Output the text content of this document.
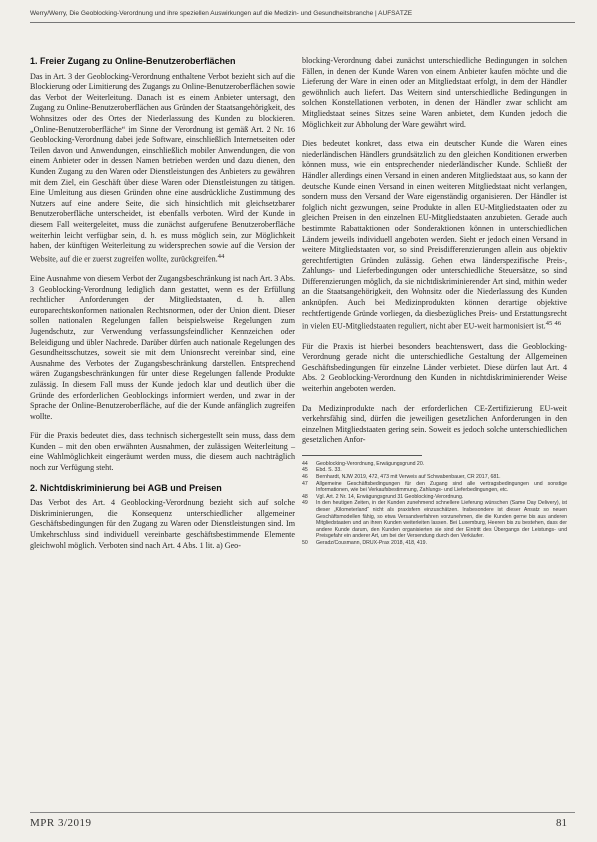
Werry/Werry, Die Geoblocking-Verordnung und ihre speziellen Auswirkungen auf die Medizin- und Gesundheitsbranche | AUFSÄTZE
1. Freier Zugang zu Online-Benutzeroberflächen

Das in Art. 3 der Geoblocking-Verordnung enthaltene Verbot bezieht sich auf die Blockierung oder Limitierung des Zugangs zu Online-Benutzeroberflächen sowie das Verbot der Weiterleitung. Danach ist es einem Anbieter untersagt, den Zugang zu Online-Benutzeroberflächen aus Gründen der Staatsangehörigkeit, des Wohnsitzes oder des Ortes der Niederlassung des Kunden zu blockieren. „Online-Benutzeroberfläche“ im Sinne der Verordnung ist gemäß Art. 2 Nr. 16 Geoblocking-Verordnung dabei jede Software, einschließlich Internetseiten oder Teilen davon und Anwendungen, einschließlich mobiler Anwendungen, die von einem Anbieter oder in dessen Namen betrieben werden und dazu dienen, den Kunden Zugang zu den Waren oder Dienstleistungen des Anbieters zu gewähren mit dem Ziel, ein Geschäft über diese Waren oder Dienstleistungen zu tätigen. Eine Umleitung aus diesen Gründen ohne eine ausdrückliche Zustimmung des Nutzers auf eine andere Seite, die sich hinsichtlich mit gleichsetzbarer Benutzeroberfläche unterscheidet, ist ebenfalls verboten. Wird der Kunde in diesem Fall weitergeleitet, muss die zunächst aufgerufene Benutzeroberfläche weiterhin leicht verfügbar sein, d. h. es muss möglich sein, zur Möglichkeit haben, der künftigen Weiterleitung zu widersprechen sowie auf die Version der Website, auf die er zuerst zugreifen wollte, zurückgreifen.$^{44}$

Eine Ausnahme von diesem Verbot der Zugangsbeschränkung ist nach Art. 3 Abs. 3 Geoblocking-Verordnung lediglich dann gestattet, wenn es der Erfüllung rechtlicher Anforderungen der Mitgliedstaaten, d. h. allen europarechtskonformen nationalen Rechtsnormen, oder der Union dient. Dieser sollen nationalen Regelungen fallen beispielsweise Regelungen zum Jugendschutz, zur Verwendung verfassungsfeindlicher Kennzeichen oder Beleidigung und übler Nachrede. Darüber dürfen auch nationale Regelungen des Gesundheitsschutzes, soweit sie mit dem Unionsrecht vereinbar sind, eine Ausnahme des Verbotes der Zugangsbeschränkung darstellen. Entsprechend wären Zugangsbeschränkungen für unter diese Regelungen fallende Produkte zulässig. In diesem Fall muss der Kunde jedoch klar und deutlich über die Gründe des erforderlichen Geoblockings informiert werden, und zwar in der Sprache der Online-Benutzeroberfläche, auf die der Kunde anfänglich zugreifen wollte.

Für die Praxis bedeutet dies, dass technisch sichergestellt sein muss, dass dem Kunden – mit den oben erwähnten Ausnahmen, der zulässigen Weiterleitung – eine Wahlmöglichkeit eingeräumt werden muss, die diesem auch nachträglich noch zur Verfügung steht.

2. Nichtdiskriminierung bei AGB und Preisen

Das Verbot des Art. 4 Geoblocking-Verordnung bezieht sich auf solche Diskriminierungen, die Konsequenz unterschiedlicher allgemeiner Geschäftsbedingungen für den Zugang zu Waren oder Dienstleistungen sind. Im Umkehrschluss sind individuell vereinbarte geschäftsbestimmende Elemente gleichwohl möglich. Verboten sind nach Art. 4 Abs. 1 lit. a) Geo-

blocking-Verordnung dabei zunächst unterschiedliche Bedingungen in solchen Fällen, in denen der Kunde Waren von einem Anbieter kaufen möchte und die Lieferung der Ware in einen oder an Mitgliedstaat erfolgt, in dem der Händler gewöhnlich auch liefert. Das Weitern sind unterschiedliche Bedingungen in solchen Konstellationen verboten, in denen der Händler zwar schlicht am Mitgliedstaat seines Sitzes seine Waren anbietet, dem Kunden jedoch die Möglichkeit zur Abholung der Ware gewährt wird.

Dies bedeutet konkret, dass etwa ein deutscher Kunde die Waren eines niederländischen Händlers grundsätzlich zu den gleichen Konditionen erwerben können muss, wie ein entsprechender niederländischer Kunde. Schließt der Händler allerdings einen Versand in einen anderen Mitgliedstaat aus, so kann der deutsche Kunde einen Versand in einen weiteren Mitgliedstaat nicht verlangen, sondern muss den Versand der Ware eigenständig organisieren. Der Händler ist folglich nicht gezwungen, seine Produkte in allen EU-Mitgliedstaaten oder zu gleichen Preisen in den einzelnen EU-Mitgliedstaaten anzubieten. Gerade auch bestimmte Rabattaktionen oder Sonderaktionen können in unterschiedlichen Ländern jeweils individuell angeboten werden. Sieht er jedoch einen Versand in weitere Mitgliedstaaten vor, so sind Preisdifferenzierungen allein aus objektiv gerechtfertigten Gründen zulässig. Gehen etwa länderspezifische Preis-, Zahlungs- und Lieferbedingungen oder unterschiedliche Steuersätze, so sind Differenzierungen möglich, da sie nichtdiskriminierender Art sind, mithin weder an die Staatsangehörigkeit, den Wohnsitz oder die Niederlassung des Kunden anknüpfen. Auch bei Medizinprodukten können derartige objektive rechtfertigende Gründe vorliegen, da diesbezügliches Preis- und Erstattungsrecht in vielen EU-Mitgliedstaaten reguliert, nicht aber EU-weit harmonisiert ist.$^{45}$ $^{46}$

Für die Praxis ist hierbei besonders beachtenswert, dass die Geoblocking-Verordnung gerade nicht die unterschiedliche Gestaltung der Allgemeinen Geschäftsbedingungen für einzelne Länder verbietet. Diese dürfen laut Art. 4 Abs. 2 Geoblocking-Verordnung den Kunden in nichtdiskriminierender Weise weiterhin angeboten werden.

Da Medizinprodukte nach der erforderlichen CE-Zertifizierung EU-weit verkehrsfähig sind, dürfen die jeweiligen gesetzlichen Anforderungen in den einzelnen Mitgliedstaaten gering sein. Soweit es jedoch solche unterschiedlichen gesetzlichen Anfor-

44	Geoblocking-Verordnung, Erwägungsgrund 20.
45	Ebd. S. 33.
46	Bernhardt, NJW 2019, 472, 473 mit Verweis auf Schwabenbauer, CR 2017, 681.
47	Allgemeine Geschäftsbedingungen für den Zugang sind alle vertragsbedingungen und sonstige Informationen, wie bei Verkaufsbestimmung, Zahlungs- und Lieferbedingungen, etc.
48	Vgl. Art. 2 Nr. 14, Erwägungsgrund 31 Geoblocking-Verordnung.
49	In den heutigen Zeiten, in der Kunden zunehmend schnellere Lieferung wünschen (Same Day Delivery), ist dieser „Kilometerland“ nicht als praxisfern einzuschätzen. Insbesondere ist dieser Ansatz so neuen Geschäftsmodellen fähig, so etwa Versandverfahren vorzunehmen, die die Kunden gerne bis aus anderen Mitgliedstaaten und an ihren Kunden weiterleiten lassen. Bei Luxemburg, Heeren bis zu bestehen, dass der andere Kunde darum, den Kunden organisierten sie sind der Eintritt des Übergangs der Leistungs- und Preisgefahr ein anderer Art, um bei der Versendung durch den Verkäufer.
50	Geradz/Cousmann, DRUX-Prax 2018, 418, 419.
MPR 3/2019	81
